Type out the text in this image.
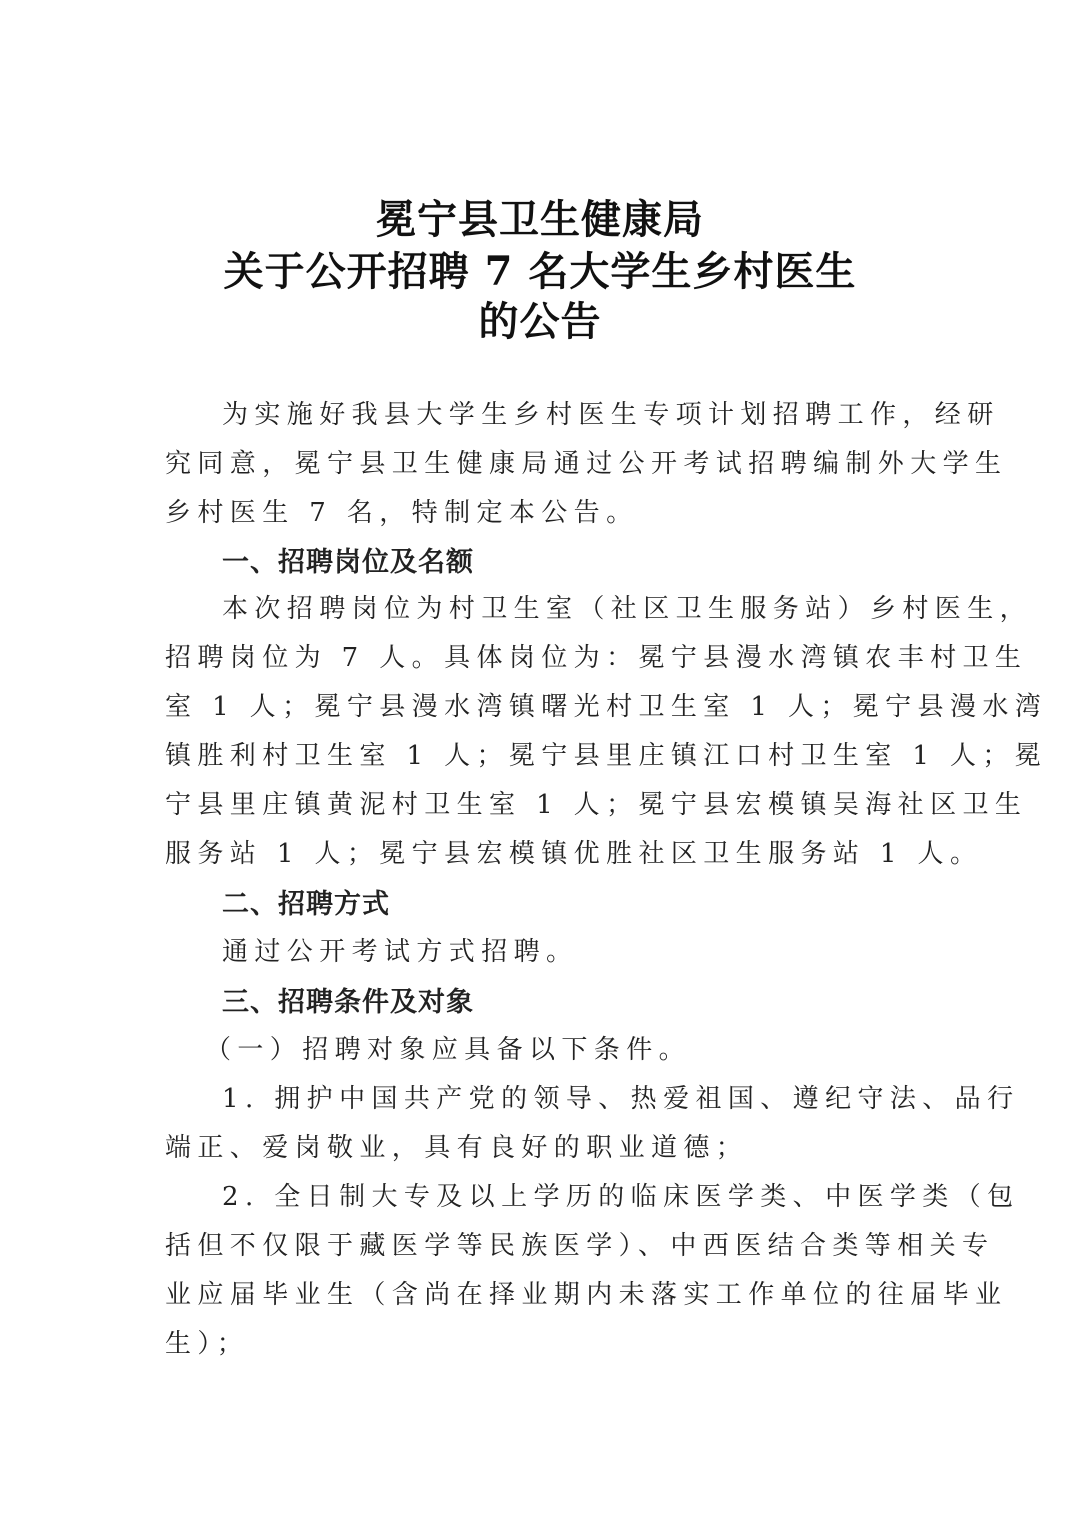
冕宁县卫生健康局
关于公开招聘 7 名大学生乡村医生
的公告
为实施好我县大学生乡村医生专项计划招聘工作，经研
究同意，冕宁县卫生健康局通过公开考试招聘编制外大学生
乡村医生 7 名，特制定本公告。
一、招聘岗位及名额
本次招聘岗位为村卫生室（社区卫生服务站）乡村医生，
招聘岗位为 7 人。具体岗位为：冕宁县漫水湾镇农丰村卫生
室 1 人；冕宁县漫水湾镇曙光村卫生室 1 人；冕宁县漫水湾
镇胜利村卫生室 1 人；冕宁县里庄镇江口村卫生室 1 人；冕
宁县里庄镇黄泥村卫生室 1 人；冕宁县宏模镇吴海社区卫生
服务站 1 人；冕宁县宏模镇优胜社区卫生服务站 1 人。
二、招聘方式
通过公开考试方式招聘。
三、招聘条件及对象
（一）招聘对象应具备以下条件。
1. 拥护中国共产党的领导、热爱祖国、遵纪守法、品行
端正、爱岗敬业，具有良好的职业道德；
2. 全日制大专及以上学历的临床医学类、中医学类（包
括但不仅限于藏医学等民族医学）、中西医结合类等相关专
业应届毕业生（含尚在择业期内未落实工作单位的往届毕业
生）；
